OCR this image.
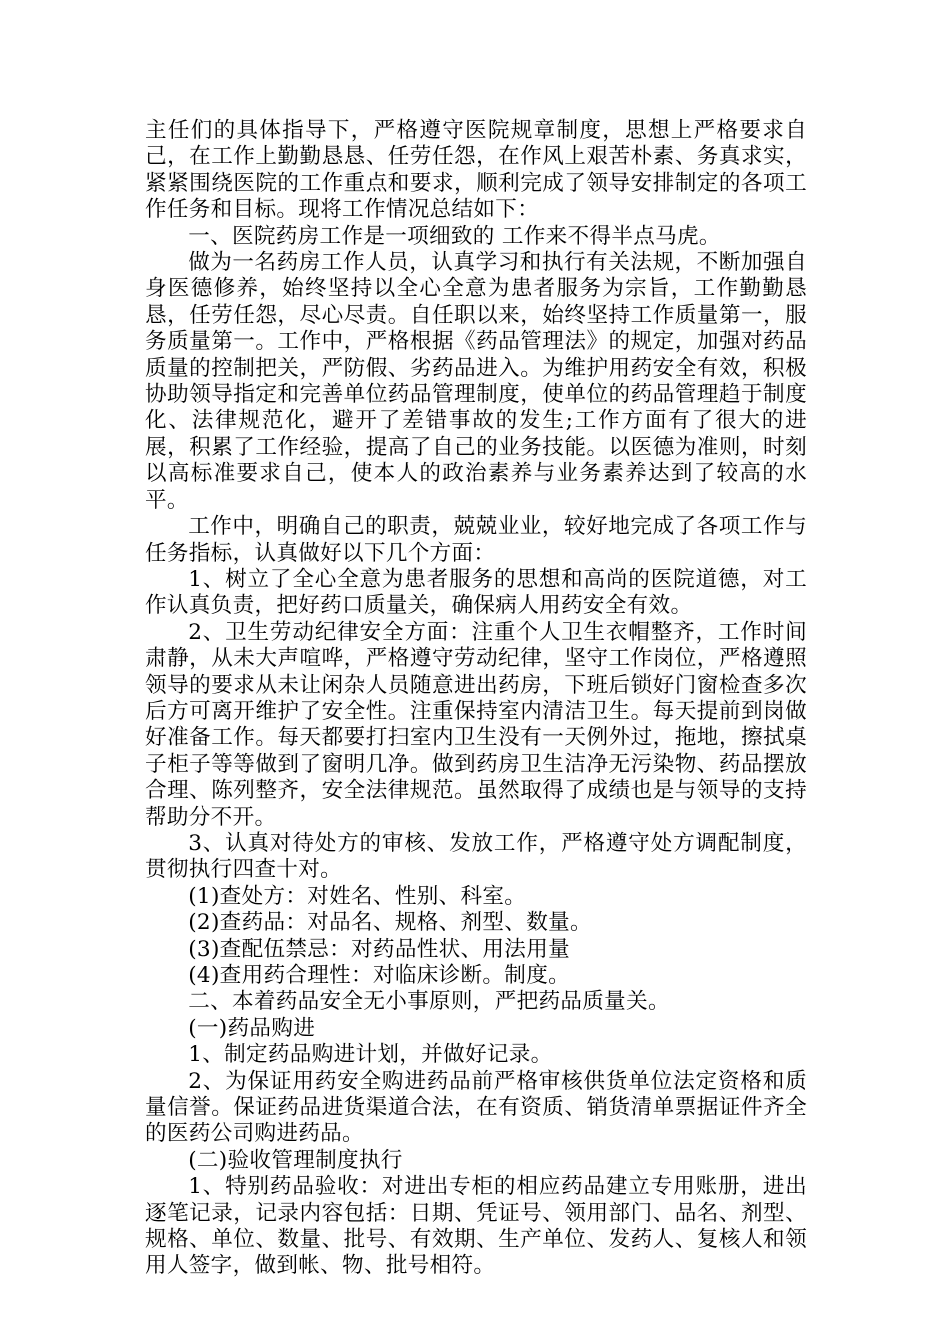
主任们的具体指导下，严格遵守医院规章制度，思想上严格要求自己，在工作上勤勤恳恳、任劳任怨，在作风上艰苦朴素、务真求实，紧紧围绕医院的工作重点和要求，顺利完成了领导安排制定的各项工作任务和目标。现将工作情况总结如下：

一、医院药房工作是一项细致的 工作来不得半点马虎。

做为一名药房工作人员，认真学习和执行有关法规，不断加强自身医德修养，始终坚持以全心全意为患者服务为宗旨，工作勤勤恳恳，任劳任怨，尽心尽责。自任职以来，始终坚持工作质量第一，服务质量第一。工作中，严格根据《药品管理法》的规定，加强对药品质量的控制把关，严防假、劣药品进入。为维护用药安全有效，积极协助领导指定和完善单位药品管理制度，使单位的药品管理趋于制度化、法律规范化，避开了差错事故的发生;工作方面有了很大的进展，积累了工作经验，提高了自己的业务技能。以医德为准则，时刻以高标准要求自己，使本人的政治素养与业务素养达到了较高的水平。

工作中，明确自己的职责，兢兢业业，较好地完成了各项工作与任务指标，认真做好以下几个方面：

1、树立了全心全意为患者服务的思想和高尚的医院道德，对工作认真负责，把好药口质量关，确保病人用药安全有效。

2、卫生劳动纪律安全方面：注重个人卫生衣帽整齐，工作时间肃静，从未大声喧哗，严格遵守劳动纪律，坚守工作岗位，严格遵照领导的要求从未让闲杂人员随意进出药房，下班后锁好门窗检查多次后方可离开维护了安全性。注重保持室内清洁卫生。每天提前到岗做好准备工作。每天都要打扫室内卫生没有一天例外过，拖地，擦拭桌子柜子等等做到了窗明几净。做到药房卫生洁净无污染物、药品摆放合理、陈列整齐，安全法律规范。虽然取得了成绩也是与领导的支持帮助分不开。

3、认真对待处方的审核、发放工作，严格遵守处方调配制度，贯彻执行四查十对。

(1)查处方：对姓名、性别、科室。

(2)查药品：对品名、规格、剂型、数量。

(3)查配伍禁忌：对药品性状、用法用量

(4)查用药合理性：对临床诊断。制度。

二、本着药品安全无小事原则，严把药品质量关。

(一)药品购进

1、制定药品购进计划，并做好记录。

2、为保证用药安全购进药品前严格审核供货单位法定资格和质量信誉。保证药品进货渠道合法，在有资质、销货清单票据证件齐全的医药公司购进药品。

(二)验收管理制度执行

1、特别药品验收：对进出专柜的相应药品建立专用账册，进出逐笔记录，记录内容包括：日期、凭证号、领用部门、品名、剂型、规格、单位、数量、批号、有效期、生产单位、发药人、复核人和领用人签字，做到帐、物、批号相符。
